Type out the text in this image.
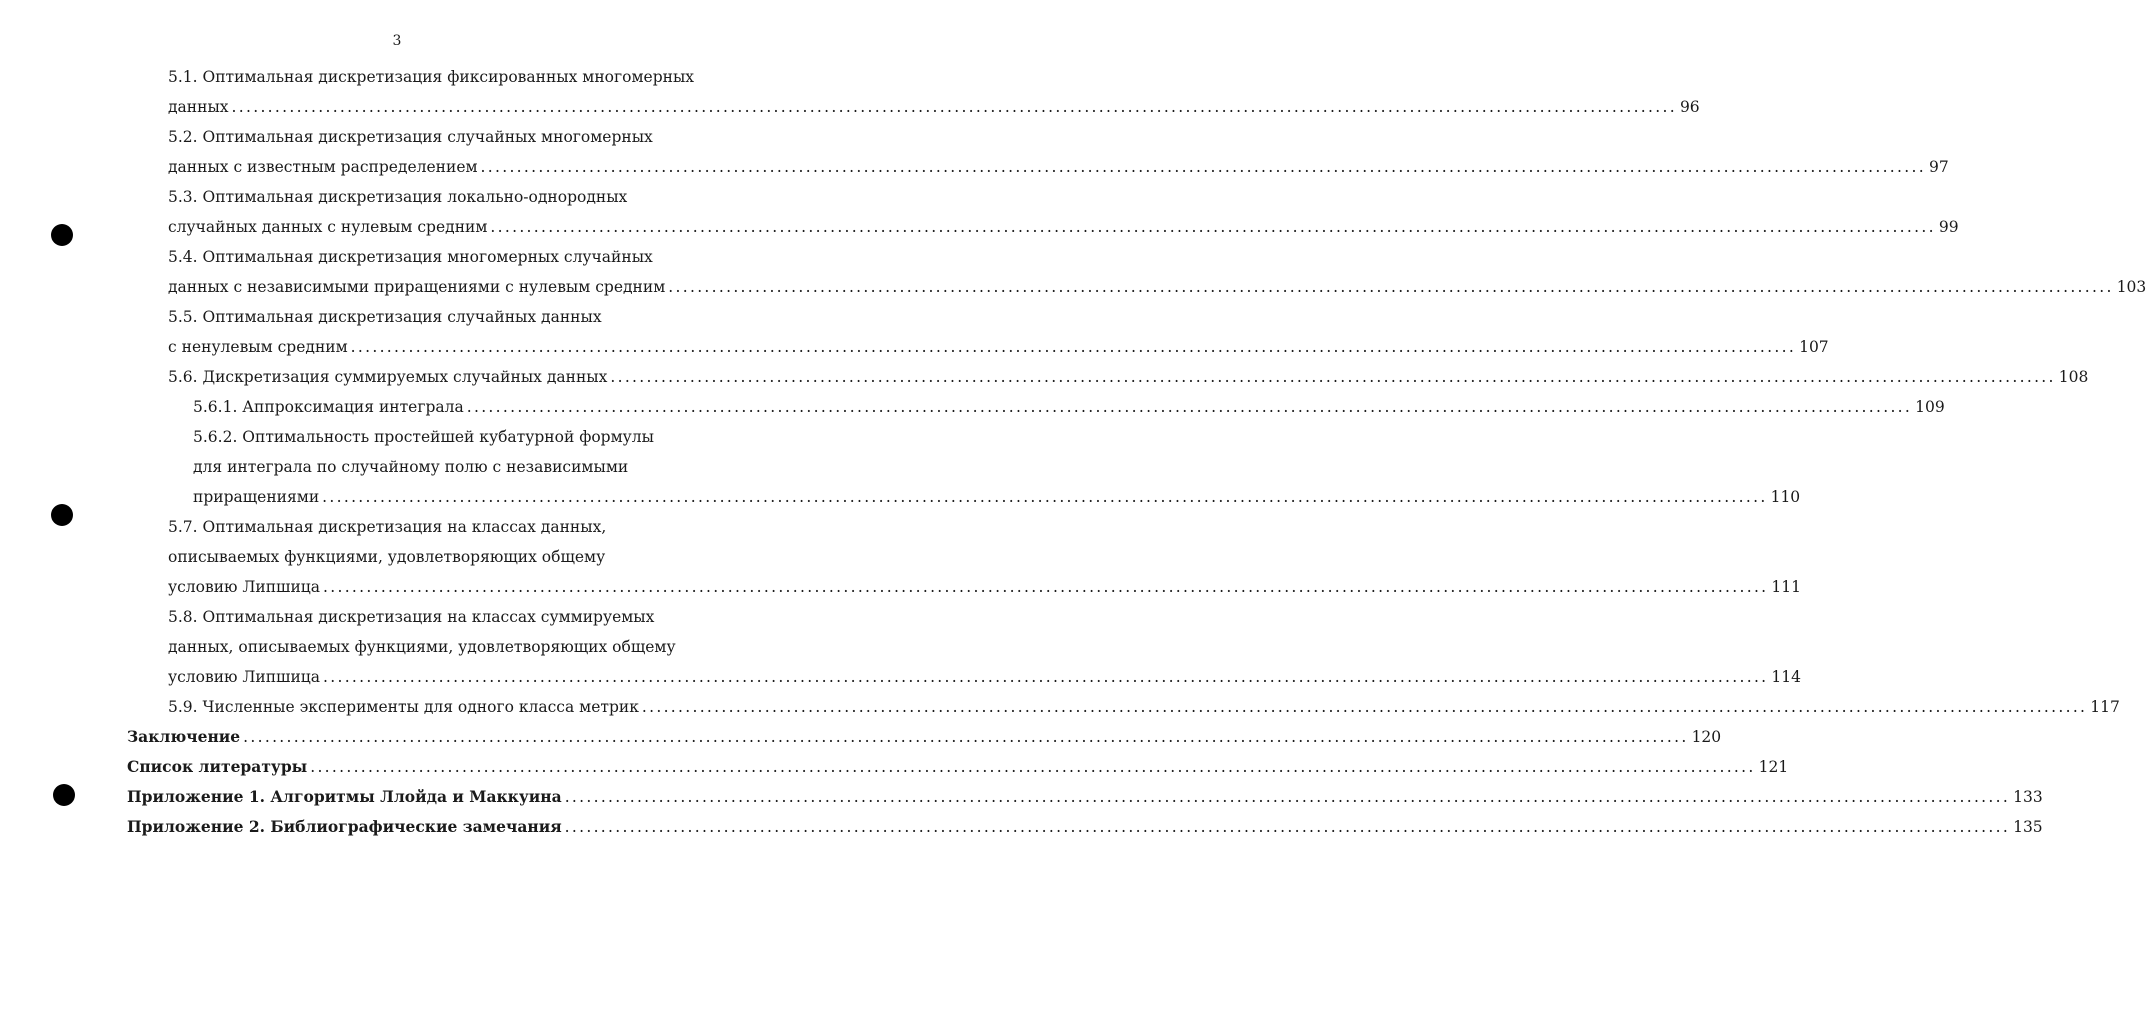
3
5.1. Оптимальная дискретизация фиксированных многомерных
данных ........................................................................................................................................................................................................ 96
5.2. Оптимальная дискретизация случайных многомерных
данных с известным распределением ........................................................................................................................................................................................................ 97
5.3. Оптимальная дискретизация локально-однородных
случайных данных с нулевым средним ........................................................................................................................................................................................................ 99
5.4. Оптимальная дискретизация многомерных случайных
данных с независимыми приращениями с нулевым средним ........................................................................................................................................................................................................ 103
5.5. Оптимальная дискретизация случайных данных
с ненулевым средним ........................................................................................................................................................................................................ 107
5.6. Дискретизация суммируемых случайных данных ........................................................................................................................................................................................................ 108
5.6.1. Аппроксимация интеграла ........................................................................................................................................................................................................ 109
5.6.2. Оптимальность простейшей кубатурной формулы
для интеграла по случайному полю с независимыми
приращениями ........................................................................................................................................................................................................ 110
5.7. Оптимальная дискретизация на классах данных,
описываемых функциями, удовлетворяющих общему
условию Липшица ........................................................................................................................................................................................................ 111
5.8. Оптимальная дискретизация на классах суммируемых
данных, описываемых функциями, удовлетворяющих общему
условию Липшица ........................................................................................................................................................................................................ 114
5.9. Численные эксперименты для одного класса метрик ........................................................................................................................................................................................................ 117
Заключение ........................................................................................................................................................................................................ 120
Список литературы ........................................................................................................................................................................................................ 121
Приложение 1. Алгоритмы Ллойда и Маккуина ........................................................................................................................................................................................................ 133
Приложение 2. Библиографические замечания ........................................................................................................................................................................................................ 135
